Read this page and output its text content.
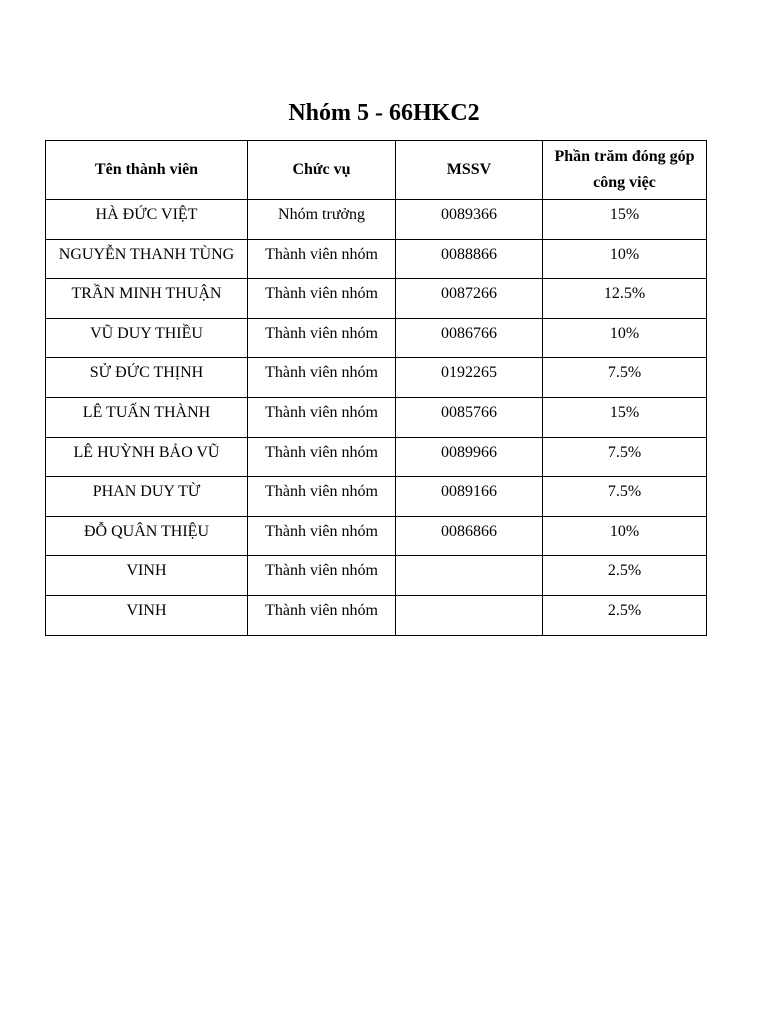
Nhóm 5 - 66HKC2
Tên thành viên	Chức vụ	MSSV	Phần trăm đóng góp
công việc
HÀ ĐỨC VIỆT	Nhóm trưởng	0089366	15%
NGUYỄN THANH TÙNG	Thành viên nhóm	0088866	10%
TRẦN MINH THUẬN	Thành viên nhóm	0087266	12.5%
VŨ DUY THIỀU	Thành viên nhóm	0086766	10%
SỬ ĐỨC THỊNH	Thành viên nhóm	0192265	7.5%
LÊ TUẤN THÀNH	Thành viên nhóm	0085766	15%
LÊ HUỲNH BẢO VŨ	Thành viên nhóm	0089966	7.5%
PHAN DUY TỪ	Thành viên nhóm	0089166	7.5%
ĐỖ QUÂN THIỆU	Thành viên nhóm	0086866	10%
VINH	Thành viên nhóm		2.5%
VINH	Thành viên nhóm		2.5%
